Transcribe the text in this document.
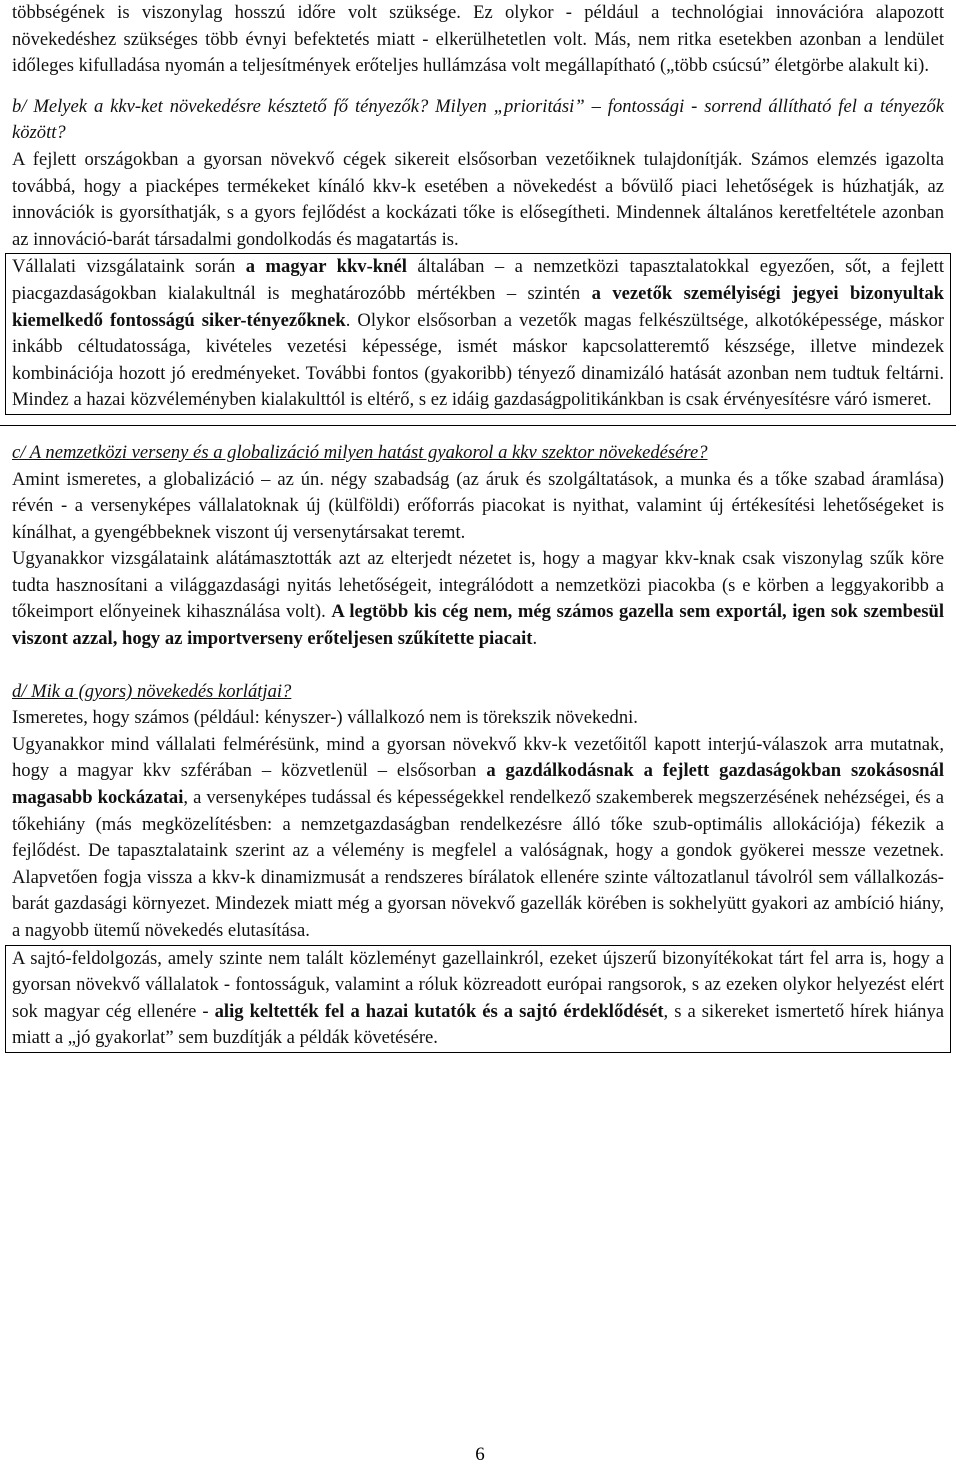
többségének is viszonylag hosszú időre volt szüksége. Ez olykor - például a technológiai innovációra alapozott növekedéshez szükséges több évnyi befektetés miatt - elkerülhetetlen volt. Más, nem ritka esetekben azonban a lendület időleges kifulladása nyomán a teljesítmények erőteljes hullámzása volt megállapítható („több csúcsú” életgörbe alakult ki).

b/ Melyek a kkv-ket növekedésre késztető fő tényezők? Milyen „prioritási” – fontossági - sorrend állítható fel a tényezők között?

A fejlett országokban a gyorsan növekvő cégek sikereit elsősorban vezetőiknek tulajdonítják. Számos elemzés igazolta továbbá, hogy a piacképes termékeket kínáló kkv-k esetében a növekedést a bővülő piaci lehetőségek is húzhatják, az innovációk is gyorsíthatják, s a gyors fejlődést a kockázati tőke is elősegítheti. Mindennek általános keretfeltétele azonban az innováció-barát társadalmi gondolkodás és magatartás is.

Vállalati vizsgálataink során a magyar kkv-knél általában – a nemzetközi tapasztalatokkal egyezően, sőt, a fejlett piacgazdaságokban kialakultnál is meghatározóbb mértékben – szintén a vezetők személyiségi jegyei bizonyultak kiemelkedő fontosságú siker-tényezőknek. Olykor elsősorban a vezetők magas felkészültsége, alkotóképessége, máskor inkább céltudatossága, kivételes vezetési képessége, ismét máskor kapcsolatteremtő készsége, illetve mindezek kombinációja hozott jó eredményeket. További fontos (gyakoribb) tényező dinamizáló hatását azonban nem tudtuk feltárni. Mindez a hazai közvéleményben kialakulttól is eltérő, s ez idáig gazdaságpolitikánkban is csak érvényesítésre váró ismeret.

c/ A nemzetközi verseny és a globalizáció milyen hatást gyakorol a kkv szektor növekedésére?

Amint ismeretes, a globalizáció – az ún. négy szabadság (az áruk és szolgáltatások, a munka és a tőke szabad áramlása) révén - a versenyképes vállalatoknak új (külföldi) erőforrás piacokat is nyithat, valamint új értékesítési lehetőségeket is kínálhat, a gyengébbeknek viszont új versenytársakat teremt.

Ugyanakkor vizsgálataink alátámasztották azt az elterjedt nézetet is, hogy a magyar kkv-knak csak viszonylag szűk köre tudta hasznosítani a világgazdasági nyitás lehetőségeit, integrálódott a nemzetközi piacokba (s e körben a leggyakoribb a tőkeimport előnyeinek kihasználása volt). A legtöbb kis cég nem, még számos gazella sem exportál, igen sok szembesül viszont azzal, hogy az importverseny erőteljesen szűkítette piacait.

d/ Mik a (gyors) növekedés korlátjai?

Ismeretes, hogy számos (például: kényszer-) vállalkozó nem is törekszik növekedni.

Ugyanakkor mind vállalati felmérésünk, mind a gyorsan növekvő kkv-k vezetőitől kapott interjú-válaszok arra mutatnak, hogy a magyar kkv szférában – közvetlenül – elsősorban a gazdálkodásnak a fejlett gazdaságokban szokásosnál magasabb kockázatai, a versenyképes tudással és képességekkel rendelkező szakemberek megszerzésének nehézségei, és a tőkehiány (más megközelítésben: a nemzetgazdaságban rendelkezésre álló tőke szub-optimális allokációja) fékezik a fejlődést. De tapasztalataink szerint az a vélemény is megfelel a valóságnak, hogy a gondok gyökerei messze vezetnek. Alapvetően fogja vissza a kkv-k dinamizmusát a rendszeres bírálatok ellenére szinte változatlanul távolról sem vállalkozás-barát gazdasági környezet. Mindezek miatt még a gyorsan növekvő gazellák körében is sokhelyütt gyakori az ambíció hiány, a nagyobb ütemű növekedés elutasítása.

A sajtó-feldolgozás, amely szinte nem talált közleményt gazellainkról, ezeket újszerű bizonyítékokat tárt fel arra is, hogy a gyorsan növekvő vállalatok - fontosságuk, valamint a róluk közreadott európai rangsorok, s az ezeken olykor helyezést elért sok magyar cég ellenére - alig keltették fel a hazai kutatók és a sajtó érdeklődését, s a sikereket ismertető hírek hiánya miatt a „jó gyakorlat” sem buzdítják a példák követésére.

6
